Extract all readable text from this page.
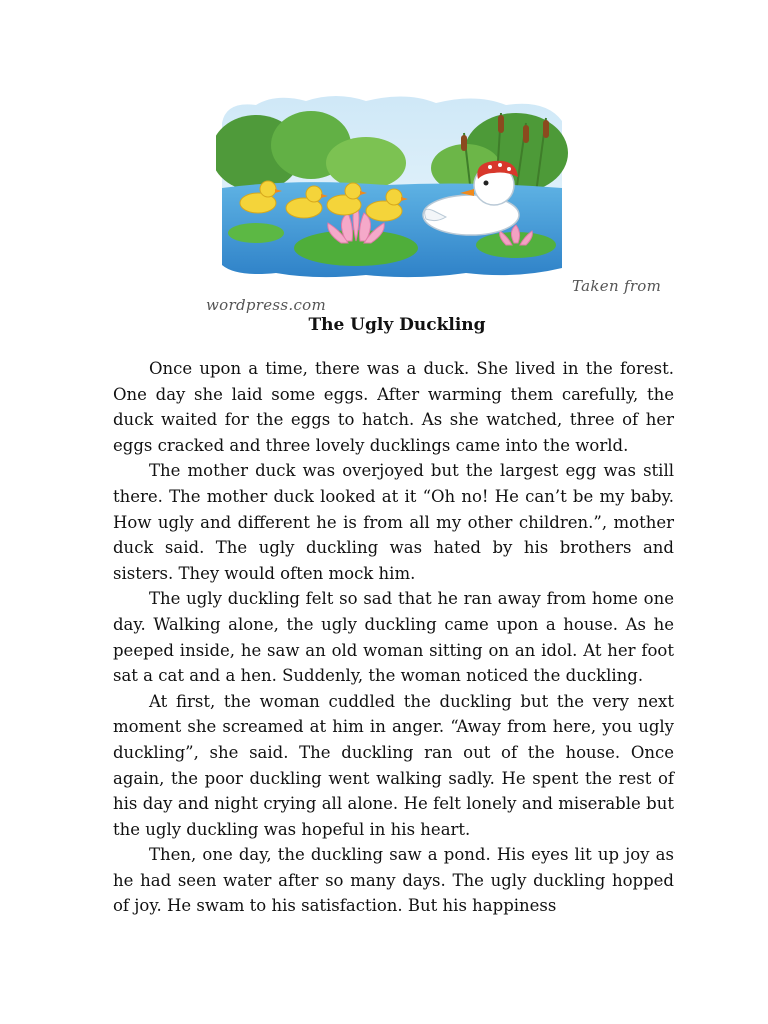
Taken from
wordpress.com
The Ugly Duckling

Once upon a time, there was a duck. She lived in the forest. One day she laid some eggs. After warming them carefully, the duck waited for the eggs to hatch. As she watched, three of her eggs cracked and three lovely ducklings came into the world.

The mother duck was overjoyed but the largest egg was still there. The mother duck looked at it “Oh no! He can’t be my baby. How ugly and different he is from all my other children.”, mother duck said. The ugly duckling was hated by his brothers and sisters. They would often mock him.

The ugly duckling felt so sad that he ran away from home one day. Walking alone, the ugly duckling came upon a house. As he peeped inside, he saw an old woman sitting on an idol. At her foot sat a cat and a hen. Suddenly, the woman noticed the duckling.

At first, the woman cuddled the duckling but the very next moment she screamed at him in anger. “Away from here, you ugly duckling”, she said. The duckling ran out of the house. Once again, the poor duckling went walking sadly. He spent the rest of his day and night crying all alone. He felt lonely and miserable but the ugly duckling was hopeful in his heart.

Then, one day, the duckling saw a pond. His eyes lit up joy as he had seen water after so many days. The ugly duckling hopped of joy. He swam to his satisfaction. But his happiness
